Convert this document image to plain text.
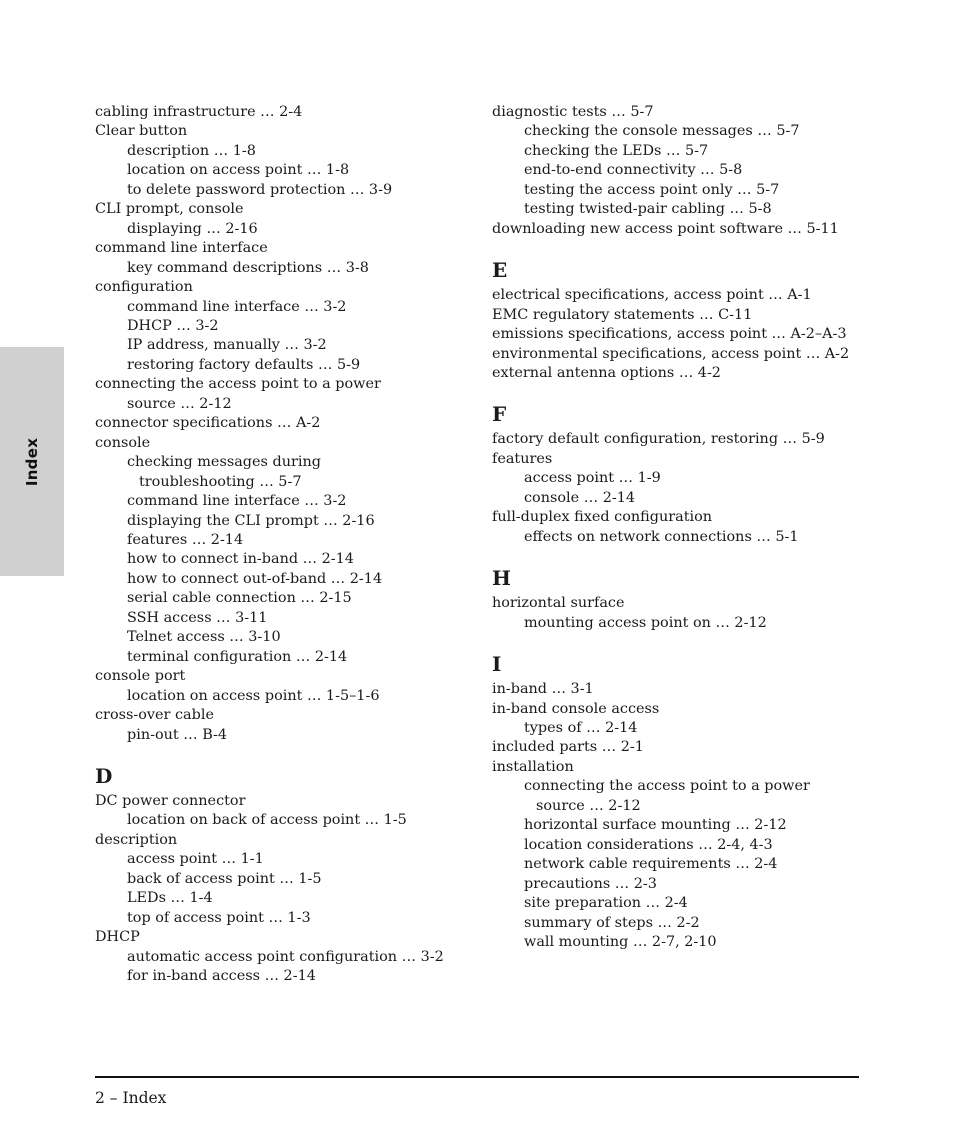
Index
cabling infrastructure … 2-4
Clear button
description … 1-8
location on access point … 1-8
to delete password protection … 3-9
CLI prompt, console
displaying … 2-16
command line interface
key command descriptions … 3-8
configuration
command line interface … 3-2
DHCP … 3-2
IP address, manually … 3-2
restoring factory defaults … 5-9
connecting the access point to a power
source … 2-12
connector specifications … A-2
console
checking messages during
troubleshooting … 5-7
command line interface … 3-2
displaying the CLI prompt … 2-16
features … 2-14
how to connect in-band … 2-14
how to connect out-of-band … 2-14
serial cable connection … 2-15
SSH access … 3-11
Telnet access … 3-10
terminal configuration … 2-14
console port
location on access point … 1-5–1-6
cross-over cable
pin-out … B-4
D
DC power connector
location on back of access point … 1-5
description
access point … 1-1
back of access point … 1-5
LEDs … 1-4
top of access point … 1-3
DHCP
automatic access point configuration … 3-2
for in-band access … 2-14
diagnostic tests … 5-7
checking the console messages … 5-7
checking the LEDs … 5-7
end-to-end connectivity … 5-8
testing the access point only … 5-7
testing twisted-pair cabling … 5-8
downloading new access point software … 5-11
E
electrical specifications, access point … A-1
EMC regulatory statements … C-11
emissions specifications, access point … A-2–A-3
environmental specifications, access point … A-2
external antenna options … 4-2
F
factory default configuration, restoring … 5-9
features
access point … 1-9
console … 2-14
full-duplex fixed configuration
effects on network connections … 5-1
H
horizontal surface
mounting access point on … 2-12
I
in-band … 3-1
in-band console access
types of … 2-14
included parts … 2-1
installation
connecting the access point to a power
source … 2-12
horizontal surface mounting … 2-12
location considerations … 2-4, 4-3
network cable requirements … 2-4
precautions … 2-3
site preparation … 2-4
summary of steps … 2-2
wall mounting … 2-7, 2-10
2 – Index
